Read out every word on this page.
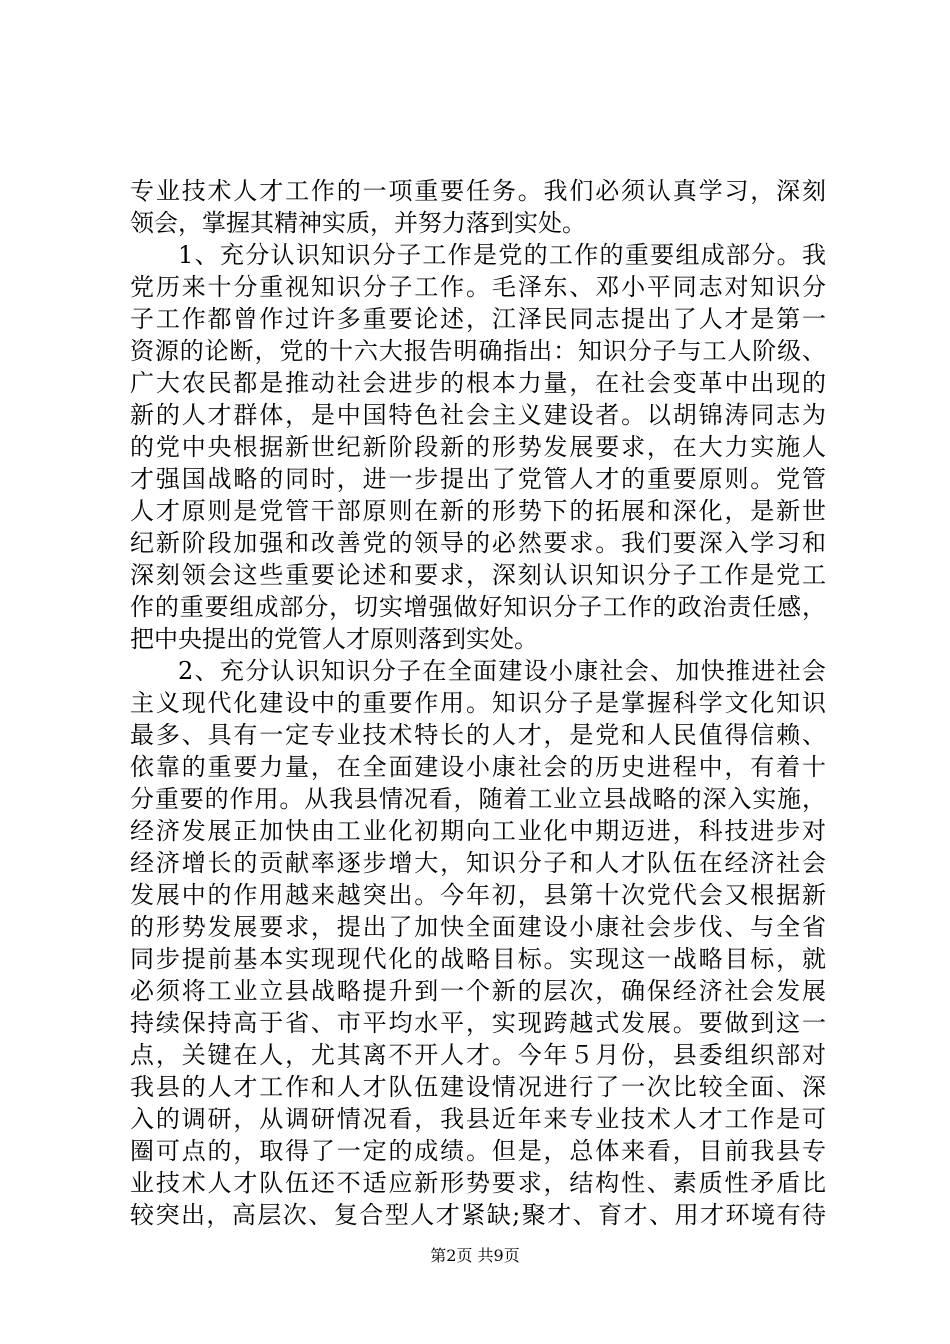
专业技术人才工作的一项重要任务。我们必须认真学习，深刻
领会，掌握其精神实质，并努力落到实处。
1、充分认识知识分子工作是党的工作的重要组成部分。我
党历来十分重视知识分子工作。毛泽东、邓小平同志对知识分
子工作都曾作过许多重要论述，江泽民同志提出了人才是第一
资源的论断，党的十六大报告明确指出：知识分子与工人阶级、
广大农民都是推动社会进步的根本力量，在社会变革中出现的
新的人才群体，是中国特色社会主义建设者。以胡锦涛同志为
的党中央根据新世纪新阶段新的形势发展要求，在大力实施人
才强国战略的同时，进一步提出了党管人才的重要原则。党管
人才原则是党管干部原则在新的形势下的拓展和深化，是新世
纪新阶段加强和改善党的领导的必然要求。我们要深入学习和
深刻领会这些重要论述和要求，深刻认识知识分子工作是党工
作的重要组成部分，切实增强做好知识分子工作的政治责任感，
把中央提出的党管人才原则落到实处。
2、充分认识知识分子在全面建设小康社会、加快推进社会
主义现代化建设中的重要作用。知识分子是掌握科学文化知识
最多、具有一定专业技术特长的人才，是党和人民值得信赖、
依靠的重要力量，在全面建设小康社会的历史进程中，有着十
分重要的作用。从我县情况看，随着工业立县战略的深入实施，
经济发展正加快由工业化初期向工业化中期迈进，科技进步对
经济增长的贡献率逐步增大，知识分子和人才队伍在经济社会
发展中的作用越来越突出。今年初，县第十次党代会又根据新
的形势发展要求，提出了加快全面建设小康社会步伐、与全省
同步提前基本实现现代化的战略目标。实现这一战略目标，就
必须将工业立县战略提升到一个新的层次，确保经济社会发展
持续保持高于省、市平均水平，实现跨越式发展。要做到这一
点，关键在人，尤其离不开人才。今年５月份，县委组织部对
我县的人才工作和人才队伍建设情况进行了一次比较全面、深
入的调研，从调研情况看，我县近年来专业技术人才工作是可
圈可点的，取得了一定的成绩。但是，总体来看，目前我县专
业技术人才队伍还不适应新形势要求，结构性、素质性矛盾比
较突出，高层次、复合型人才紧缺;聚才、育才、用才环境有待
第2页 共9页
